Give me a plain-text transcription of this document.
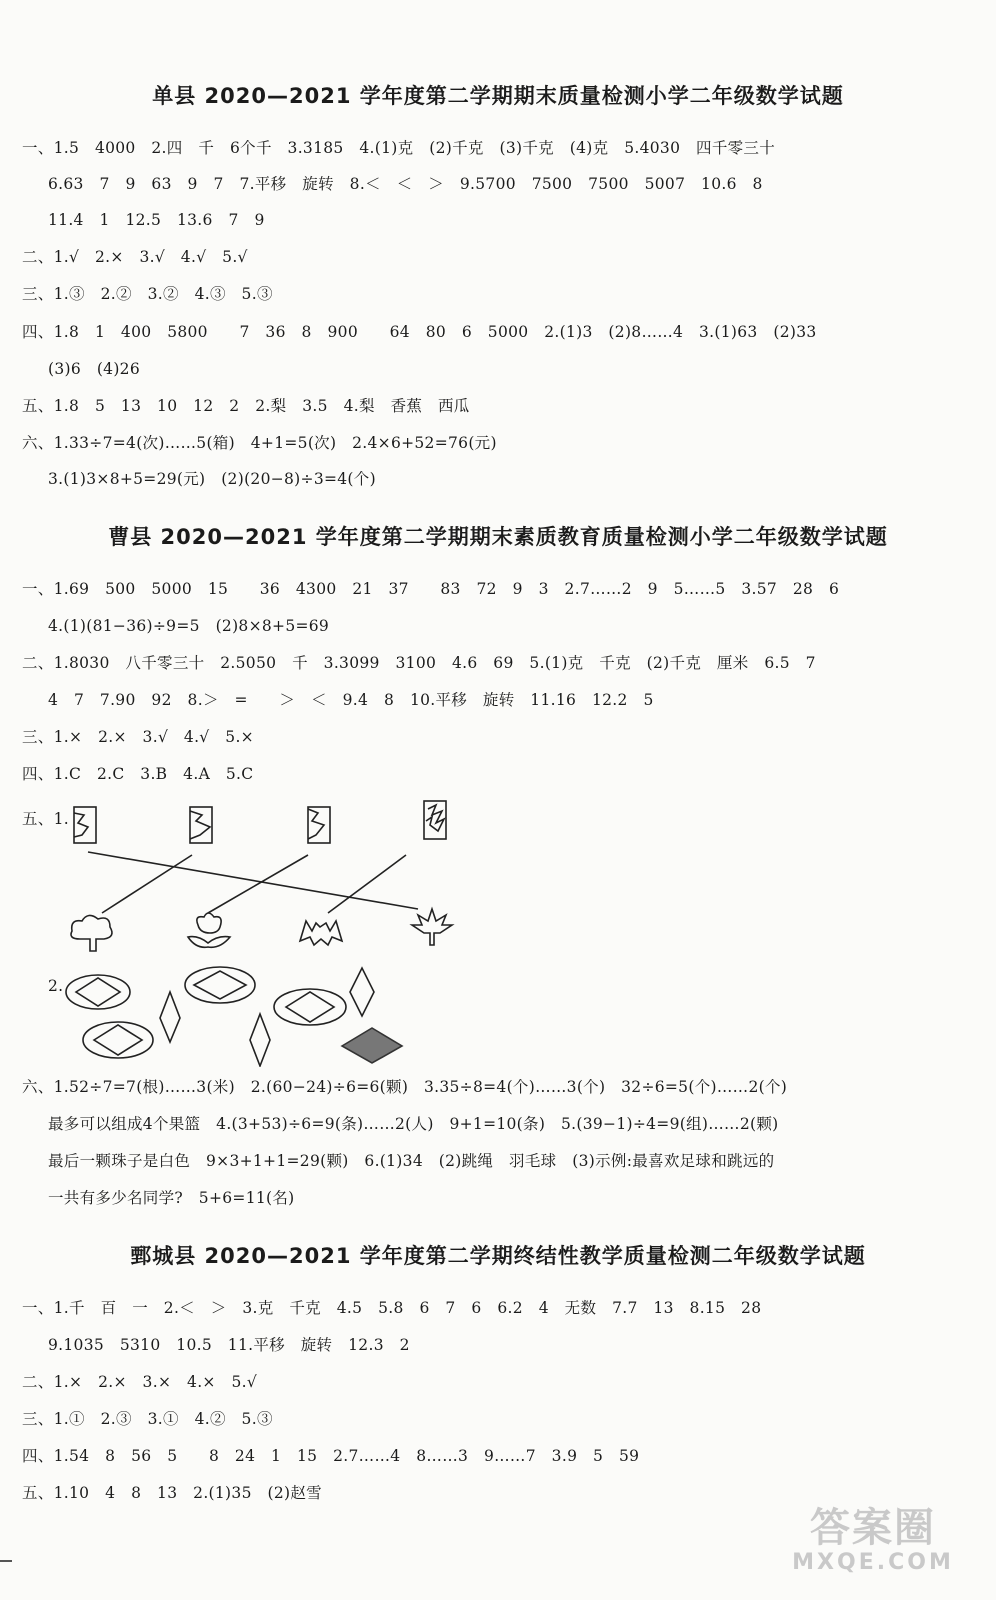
单县 2020—2021 学年度第二学期期末质量检测小学二年级数学试题
一、1.5　4000　2.四　千　6个千　3.3185　4.(1)克　(2)千克　(3)千克　(4)克　5.4030　四千零三十
6.63　7　9　63　9　7　7.平移　旋转　8.＜　＜　＞　9.5700　7500　7500　5007　10.6　8
11.4　1　12.5　13.6　7　9
二、1.√　2.×　3.√　4.√　5.√
三、1.③　2.②　3.②　4.③　5.③
四、1.8　1　400　5800　　7　36　8　900　　64　80　6　5000　2.(1)3　(2)8……4　3.(1)63　(2)33
(3)6　(4)26
五、1.8　5　13　10　12　2　2.梨　3.5　4.梨　香蕉　西瓜
六、1.33÷7=4(次)……5(箱)　4+1=5(次)　2.4×6+52=76(元)
3.(1)3×8+5=29(元)　(2)(20−8)÷3=4(个)
曹县 2020—2021 学年度第二学期期末素质教育质量检测小学二年级数学试题
一、1.69　500　5000　15　　36　4300　21　37　　83　72　9　3　2.7……2　9　5……5　3.57　28　6
4.(1)(81−36)÷9=5　(2)8×8+5=69
二、1.8030　八千零三十　2.5050　千　3.3099　3100　4.6　69　5.(1)克　千克　(2)千克　厘米　6.5　7
4　7　7.90　92　8.＞　=　　＞　＜　9.4　8　10.平移　旋转　11.16　12.2　5
三、1.×　2.×　3.√　4.√　5.×
四、1.C　2.C　3.B　4.A　5.C
五、1.
2.
六、1.52÷7=7(根)……3(米)　2.(60−24)÷6=6(颗)　3.35÷8=4(个)……3(个)　32÷6=5(个)……2(个)
最多可以组成4个果篮　4.(3+53)÷6=9(条)……2(人)　9+1=10(条)　5.(39−1)÷4=9(组)……2(颗)
最后一颗珠子是白色　9×3+1+1=29(颗)　6.(1)34　(2)跳绳　羽毛球　(3)示例:最喜欢足球和跳远的
一共有多少名同学?　5+6=11(名)
鄄城县 2020—2021 学年度第二学期终结性教学质量检测二年级数学试题
一、1.千　百　一　2.＜　＞　3.克　千克　4.5　5.8　6　7　6　6.2　4　无数　7.7　13　8.15　28
9.1035　5310　10.5　11.平移　旋转　12.3　2
二、1.×　2.×　3.×　4.×　5.√
三、1.①　2.③　3.①　4.②　5.③
四、1.54　8　56　5　　8　24　1　15　2.7……4　8……3　9……7　3.9　5　59
五、1.10　4　8　13　2.(1)35　(2)赵雪
答案圈
MXQE.COM
